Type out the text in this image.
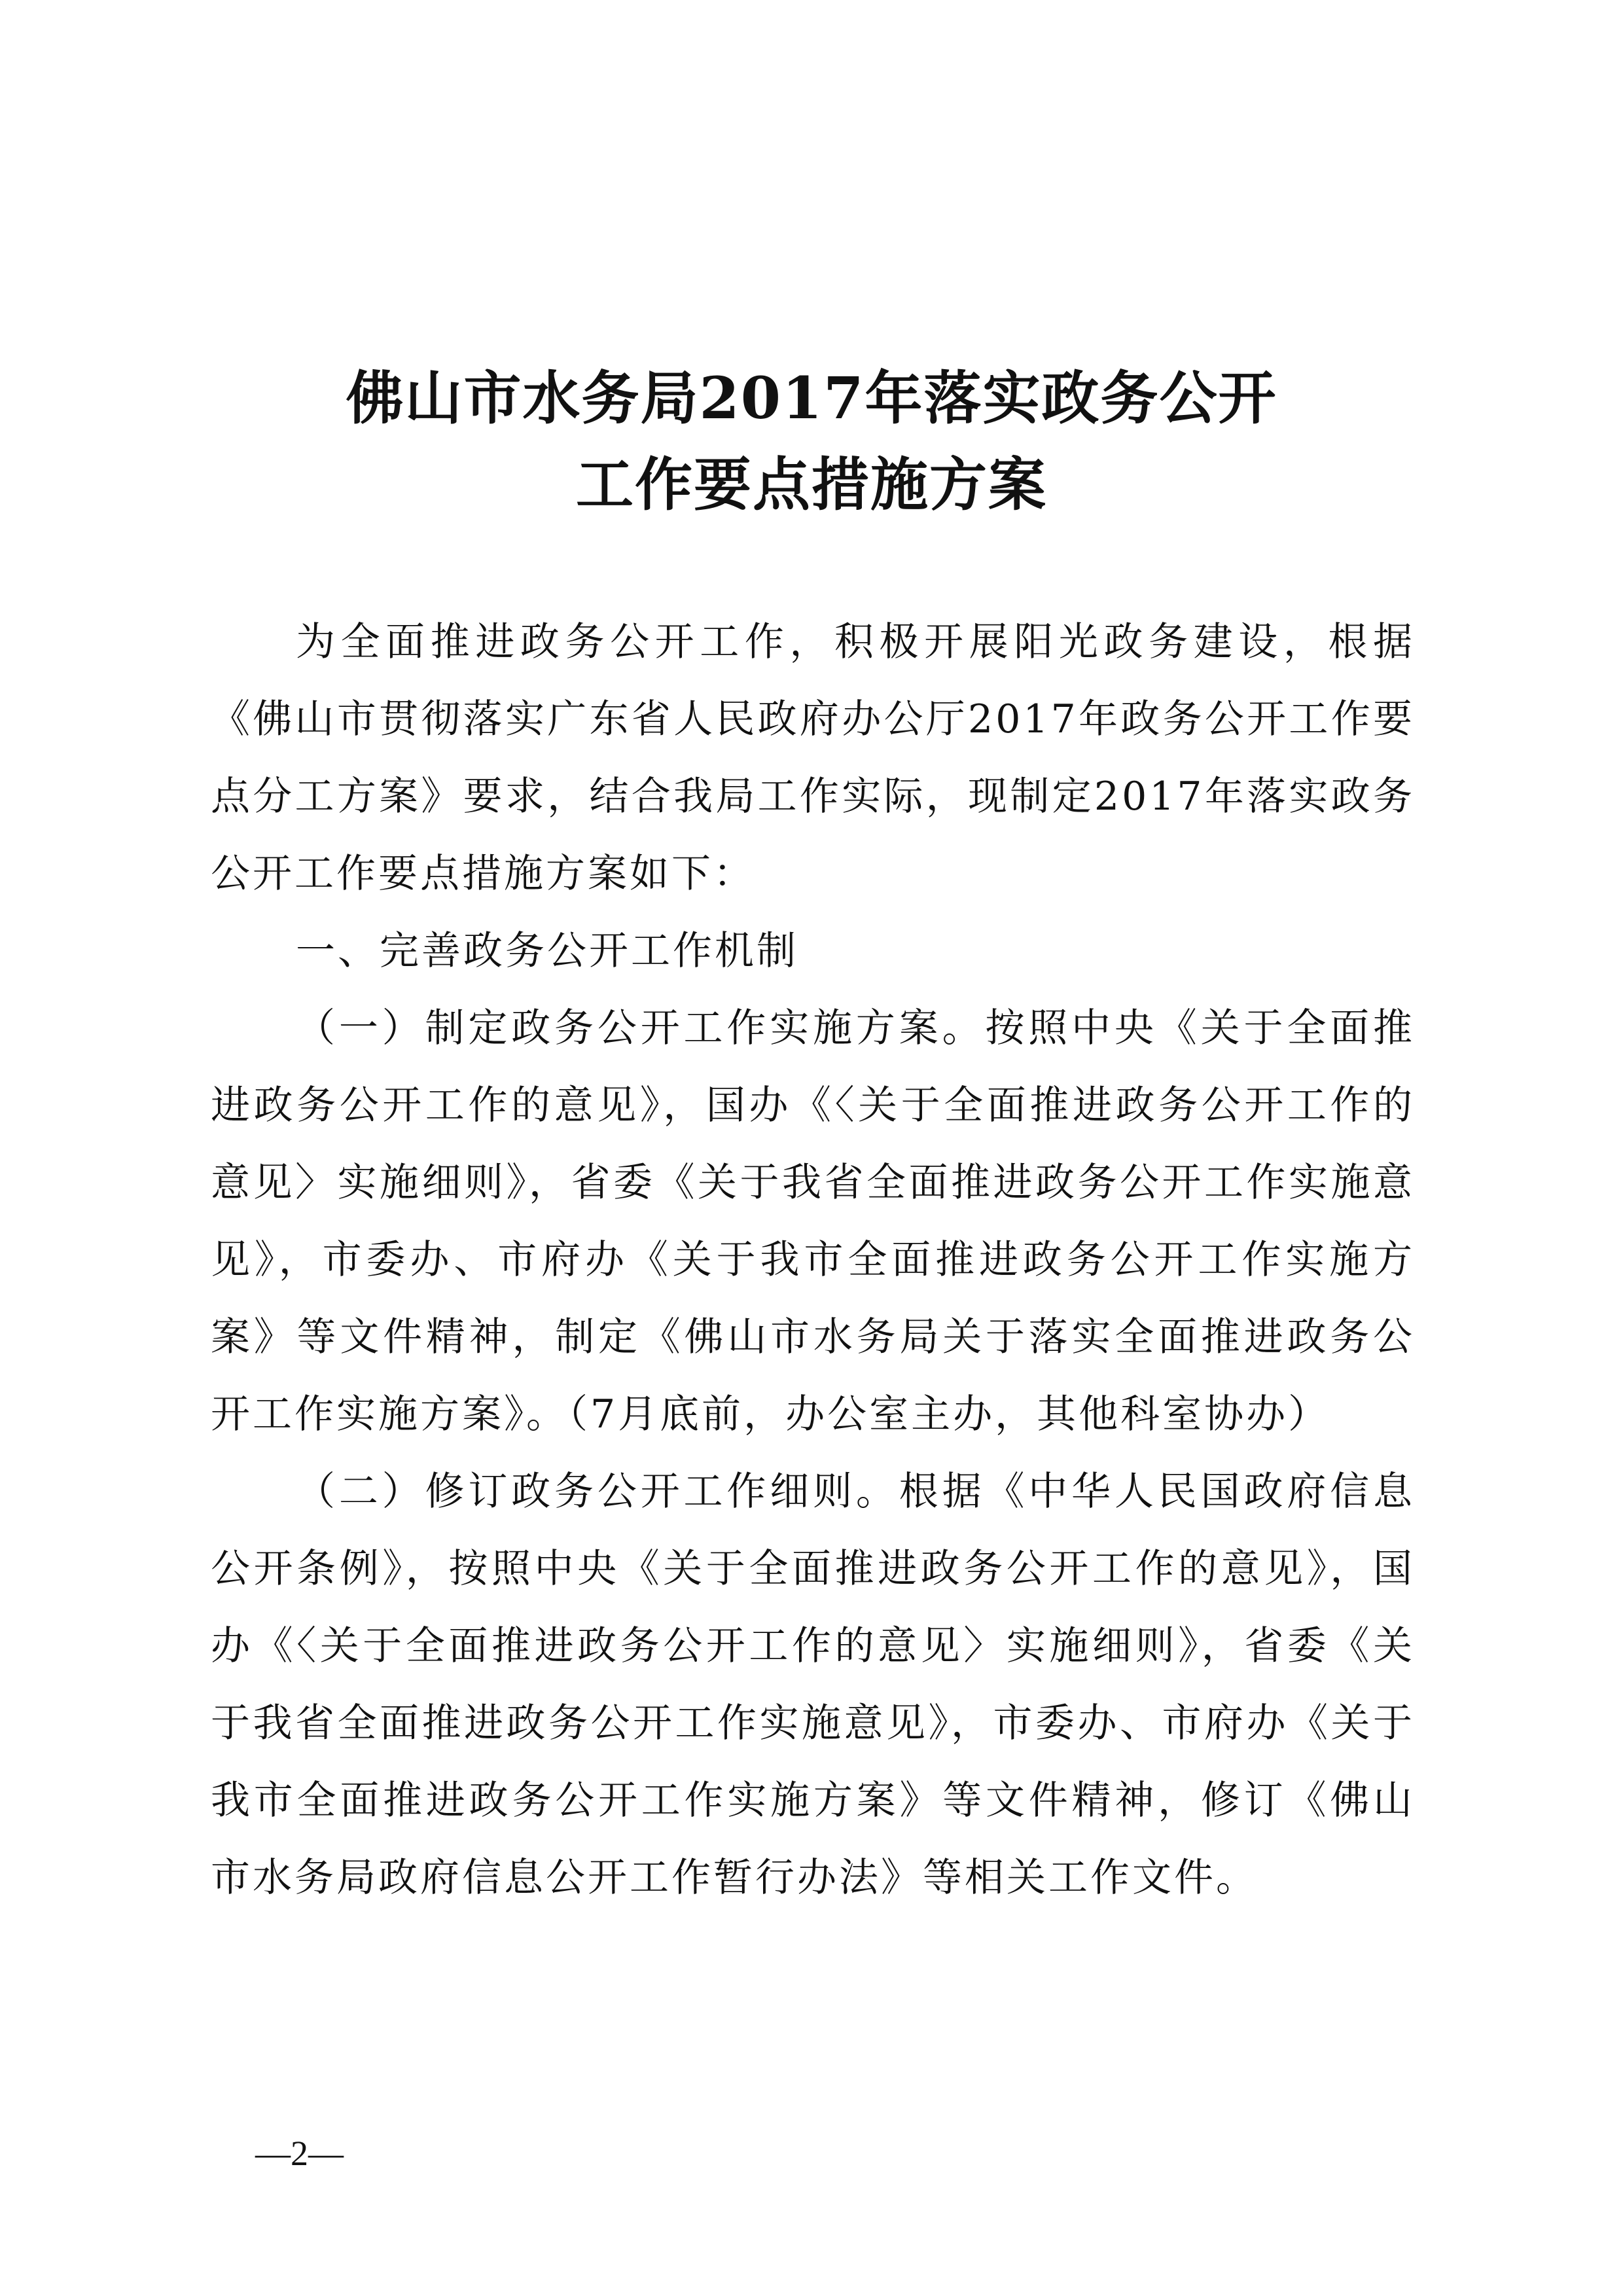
佛山市水务局2017年落实政务公开
工作要点措施方案

为全面推进政务公开工作，积极开展阳光政务建设，根据《佛山市贯彻落实广东省人民政府办公厅2017年政务公开工作要点分工方案》要求，结合我局工作实际，现制定2017年落实政务公开工作要点措施方案如下：

一、完善政务公开工作机制

（一）制定政务公开工作实施方案。按照中央《关于全面推进政务公开工作的意见》，国办《〈关于全面推进政务公开工作的意见〉实施细则》，省委《关于我省全面推进政务公开工作实施意见》，市委办、市府办《关于我市全面推进政务公开工作实施方案》等文件精神，制定《佛山市水务局关于落实全面推进政务公开工作实施方案》。（7月底前，办公室主办，其他科室协办）

（二）修订政务公开工作细则。根据《中华人民国政府信息公开条例》，按照中央《关于全面推进政务公开工作的意见》，国办《〈关于全面推进政务公开工作的意见〉实施细则》，省委《关于我省全面推进政务公开工作实施意见》，市委办、市府办《关于我市全面推进政务公开工作实施方案》等文件精神，修订《佛山市水务局政府信息公开工作暂行办法》等相关工作文件。

—2—
